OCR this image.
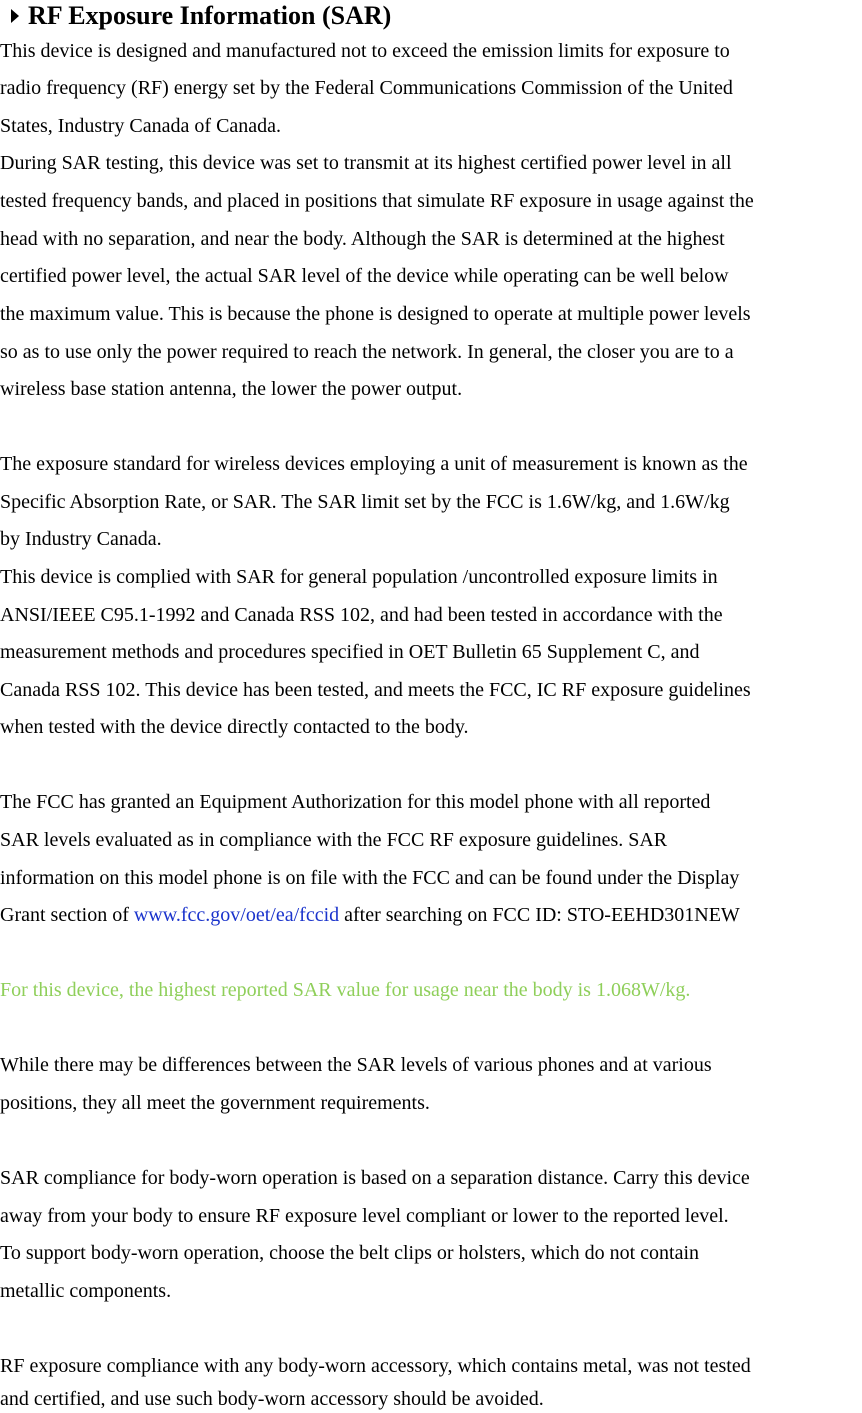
RF Exposure Information (SAR)
This device is designed and manufactured not to exceed the emission limits for exposure to
radio frequency (RF) energy set by the Federal Communications Commission of the United
States, Industry Canada of Canada.
During SAR testing, this device was set to transmit at its highest certified power level in all
tested frequency bands, and placed in positions that simulate RF exposure in usage against the
head with no separation, and near the body. Although the SAR is determined at the highest
certified power level, the actual SAR level of the device while operating can be well below
the maximum value. This is because the phone is designed to operate at multiple power levels
so as to use only the power required to reach the network. In general, the closer you are to a
wireless base station antenna, the lower the power output.
The exposure standard for wireless devices employing a unit of measurement is known as the
Specific Absorption Rate, or SAR. The SAR limit set by the FCC is 1.6W/kg, and 1.6W/kg
by Industry Canada.
This device is complied with SAR for general population /uncontrolled exposure limits in
ANSI/IEEE C95.1-1992 and Canada RSS 102, and had been tested in accordance with the
measurement methods and procedures specified in OET Bulletin 65 Supplement C, and
Canada RSS 102. This device has been tested, and meets the FCC, IC RF exposure guidelines
when tested with the device directly contacted to the body.
The FCC has granted an Equipment Authorization for this model phone with all reported
SAR levels evaluated as in compliance with the FCC RF exposure guidelines. SAR
information on this model phone is on file with the FCC and can be found under the Display
Grant section of www.fcc.gov/oet/ea/fccid after searching on FCC ID: STO-EEHD301NEW
For this device, the highest reported SAR value for usage near the body is 1.068W/kg.
While there may be differences between the SAR levels of various phones and at various
positions, they all meet the government requirements.
SAR compliance for body-worn operation is based on a separation distance. Carry this device
away from your body to ensure RF exposure level compliant or lower to the reported level.
To support body-worn operation, choose the belt clips or holsters, which do not contain
metallic components.
RF exposure compliance with any body-worn accessory, which contains metal, was not tested
and certified, and use such body-worn accessory should be avoided.
